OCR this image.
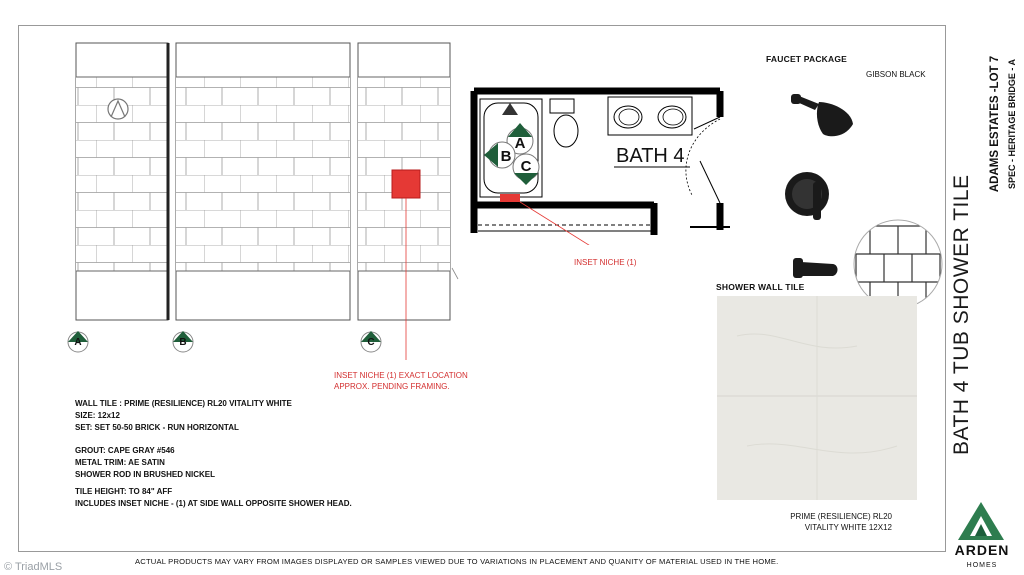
A	B	C
INSET NICHE (1) EXACT LOCATION
APPROX. PENDING FRAMING.
A
B
C	BATH 4
INSET NICHE (1)
WALL TILE : PRIME (RESILIENCE) RL20 VITALITY WHITE
SIZE: 12x12
SET: SET 50-50 BRICK - RUN HORIZONTAL
GROUT: CAPE GRAY #546
METAL TRIM: AE SATIN
SHOWER ROD IN BRUSHED NICKEL
TILE HEIGHT: TO 84" AFF
INCLUDES INSET NICHE - (1) AT SIDE WALL OPPOSITE SHOWER HEAD.
FAUCET PACKAGE
GIBSON BLACK
SHOWER WALL TILE
PRIME (RESILIENCE) RL20
VITALITY WHITE 12X12
BATH 4 TUB SHOWER TILE
ADAMS ESTATES -LOT 7 SPEC - HERITAGE BRIDGE - A
ARDEN
HOMES
ACTUAL PRODUCTS MAY VARY FROM IMAGES DISPLAYED OR SAMPLES VIEWED DUE TO VARIATIONS IN PLACEMENT AND QUANITY OF MATERIAL USED IN THE HOME.
© TriadMLS
